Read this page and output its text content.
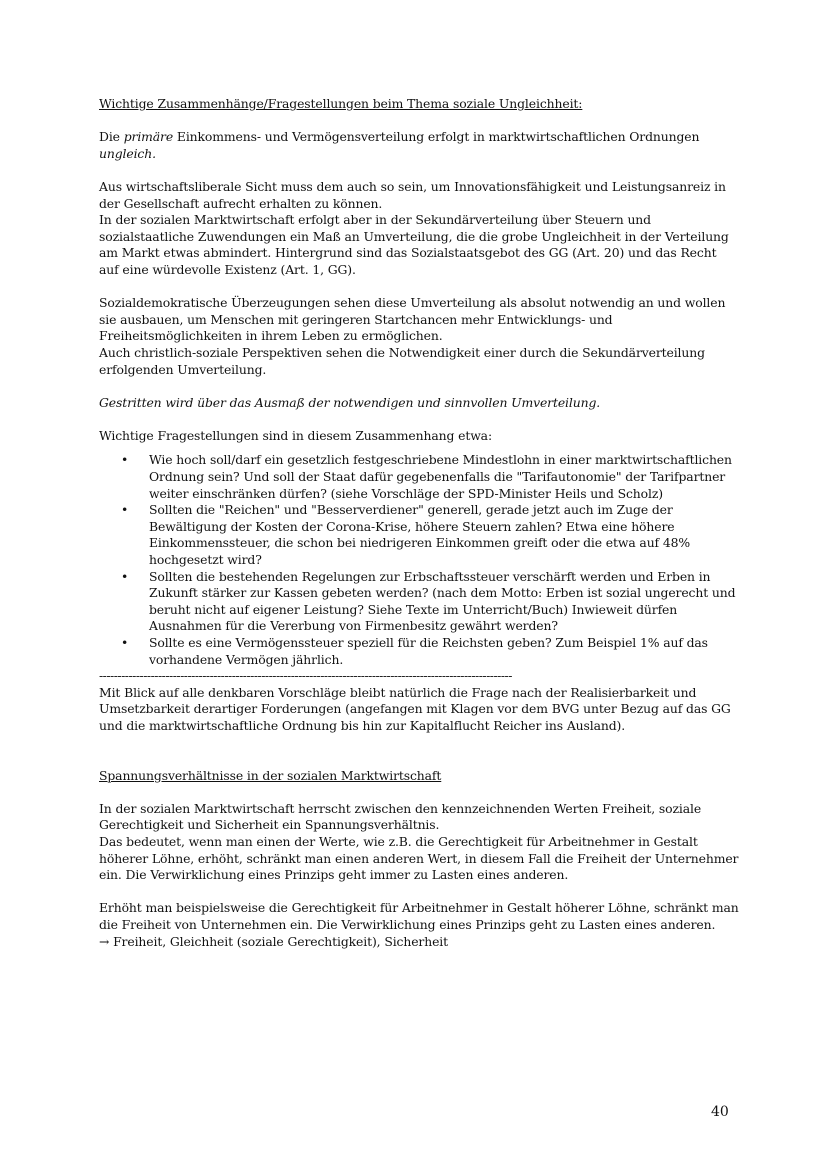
Wichtige Zusammenhänge/Fragestellungen beim Thema soziale Ungleichheit:

Die primäre Einkommens- und Vermögensverteilung erfolgt in marktwirtschaftlichen Ordnungen
ungleich.

Aus wirtschaftsliberale Sicht muss dem auch so sein, um Innovationsfähigkeit und Leistungsanreiz in der Gesellschaft aufrecht erhalten zu können.

In der sozialen Marktwirtschaft erfolgt aber in der Sekundärverteilung über Steuern und sozialstaatliche Zuwendungen ein Maß an Umverteilung, die die grobe Ungleichheit in der Verteilung am Markt etwas abmindert. Hintergrund sind das Sozialstaatsgebot des GG (Art. 20) und das Recht auf eine würdevolle Existenz (Art. 1, GG).

Sozialdemokratische Überzeugungen sehen diese Umverteilung als absolut notwendig an und wollen sie ausbauen, um Menschen mit geringeren Startchancen mehr Entwicklungs- und Freiheitsmöglichkeiten in ihrem Leben zu ermöglichen.

Auch christlich-soziale Perspektiven sehen die Notwendigkeit einer durch die Sekundärverteilung erfolgenden Umverteilung.

Gestritten wird über das Ausmaß der notwendigen und sinnvollen Umverteilung.

Wichtige Fragestellungen sind in diesem Zusammenhang etwa:

• Wie hoch soll/darf ein gesetzlich festgeschriebene Mindestlohn in einer marktwirtschaftlichen Ordnung sein? Und soll der Staat dafür gegebenenfalls die "Tarifautonomie" der Tarifpartner weiter einschränken dürfen? (siehe Vorschläge der SPD-Minister Heils und Scholz)
• Sollten die "Reichen" und "Besserverdiener" generell, gerade jetzt auch im Zuge der Bewältigung der Kosten der Corona-Krise, höhere Steuern zahlen? Etwa eine höhere Einkommenssteuer, die schon bei niedrigeren Einkommen greift oder die etwa auf 48% hochgesetzt wird?
• Sollten die bestehenden Regelungen zur Erbschaftssteuer verschärft werden und Erben in Zukunft stärker zur Kassen gebeten werden? (nach dem Motto: Erben ist sozial ungerecht und beruht nicht auf eigener Leistung? Siehe Texte im Unterricht/Buch) Inwieweit dürfen Ausnahmen für die Vererbung von Firmenbesitz gewährt werden?
• Sollte es eine Vermögenssteuer speziell für die Reichsten geben? Zum Beispiel 1% auf das vorhandene Vermögen jährlich.

----------------------------------------------------------------------------------------------------------------

Mit Blick auf alle denkbaren Vorschläge bleibt natürlich die Frage nach der Realisierbarkeit und Umsetzbarkeit derartiger Forderungen (angefangen mit Klagen vor dem BVG unter Bezug auf das GG und die marktwirtschaftliche Ordnung bis hin zur Kapitalflucht Reicher ins Ausland).

Spannungsverhältnisse in der sozialen Marktwirtschaft

In der sozialen Marktwirtschaft herrscht zwischen den kennzeichnenden Werten Freiheit, soziale Gerechtigkeit und Sicherheit ein Spannungsverhältnis.

Das bedeutet, wenn man einen der Werte, wie z.B. die Gerechtigkeit für Arbeitnehmer in Gestalt höherer Löhne, erhöht, schränkt man einen anderen Wert, in diesem Fall die Freiheit der Unternehmer ein. Die Verwirklichung eines Prinzips geht immer zu Lasten eines anderen.

Erhöht man beispielsweise die Gerechtigkeit für Arbeitnehmer in Gestalt höherer Löhne, schränkt man die Freiheit von Unternehmen ein. Die Verwirklichung eines Prinzips geht zu Lasten eines anderen.

→ Freiheit, Gleichheit (soziale Gerechtigkeit), Sicherheit

40
